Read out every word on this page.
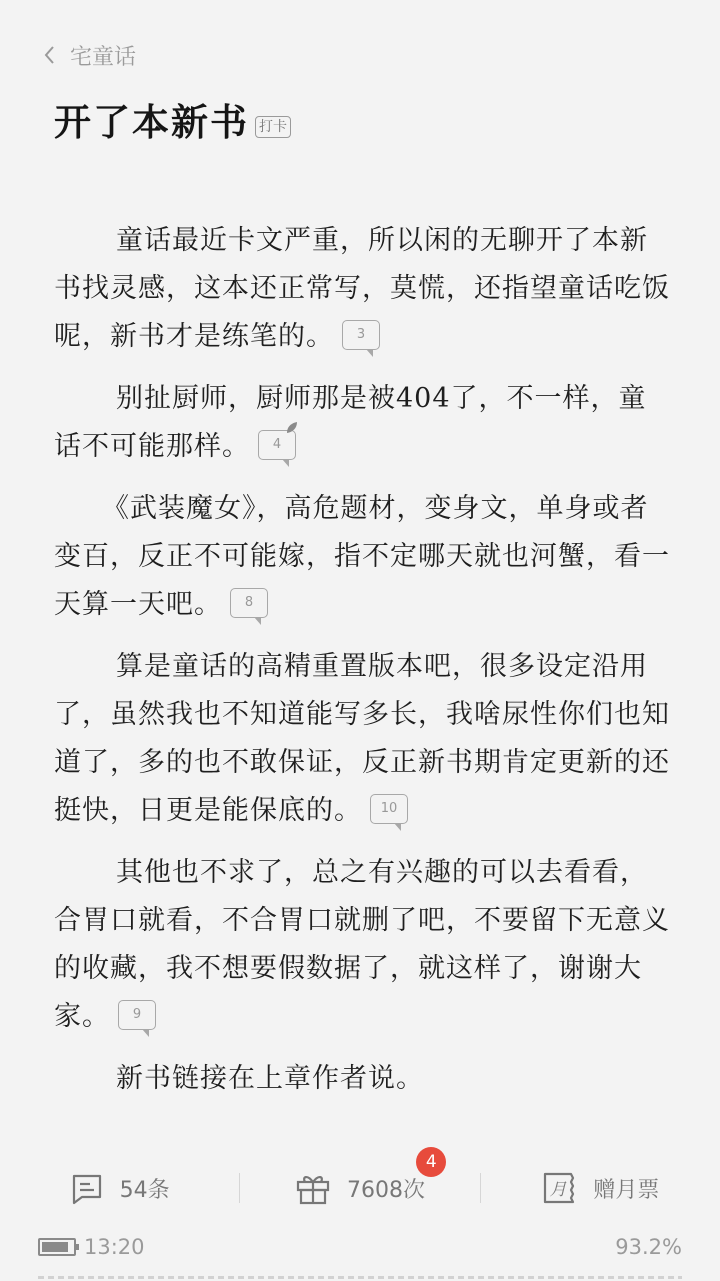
宅童话
开了本新书 打卡

童话最近卡文严重，所以闲的无聊开了本新书找灵感，这本还正常写，莫慌，还指望童话吃饭呢，新书才是练笔的。 3

别扯厨师，厨师那是被404了，不一样，童话不可能那样。 4

《武装魔女》，高危题材，变身文，单身或者变百，反正不可能嫁，指不定哪天就也河蟹，看一天算一天吧。 8

算是童话的高精重置版本吧，很多设定沿用了，虽然我也不知道能写多长，我啥尿性你们也知道了，多的也不敢保证，反正新书期肯定更新的还挺快，日更是能保底的。 10

其他也不求了，总之有兴趣的可以去看看，合胃口就看，不合胃口就删了吧，不要留下无意义的收藏，我不想要假数据了，就这样了，谢谢大家。 9

新书链接在上章作者说。

54条	7608次
4
月 赠月票
13:20	93.2%
